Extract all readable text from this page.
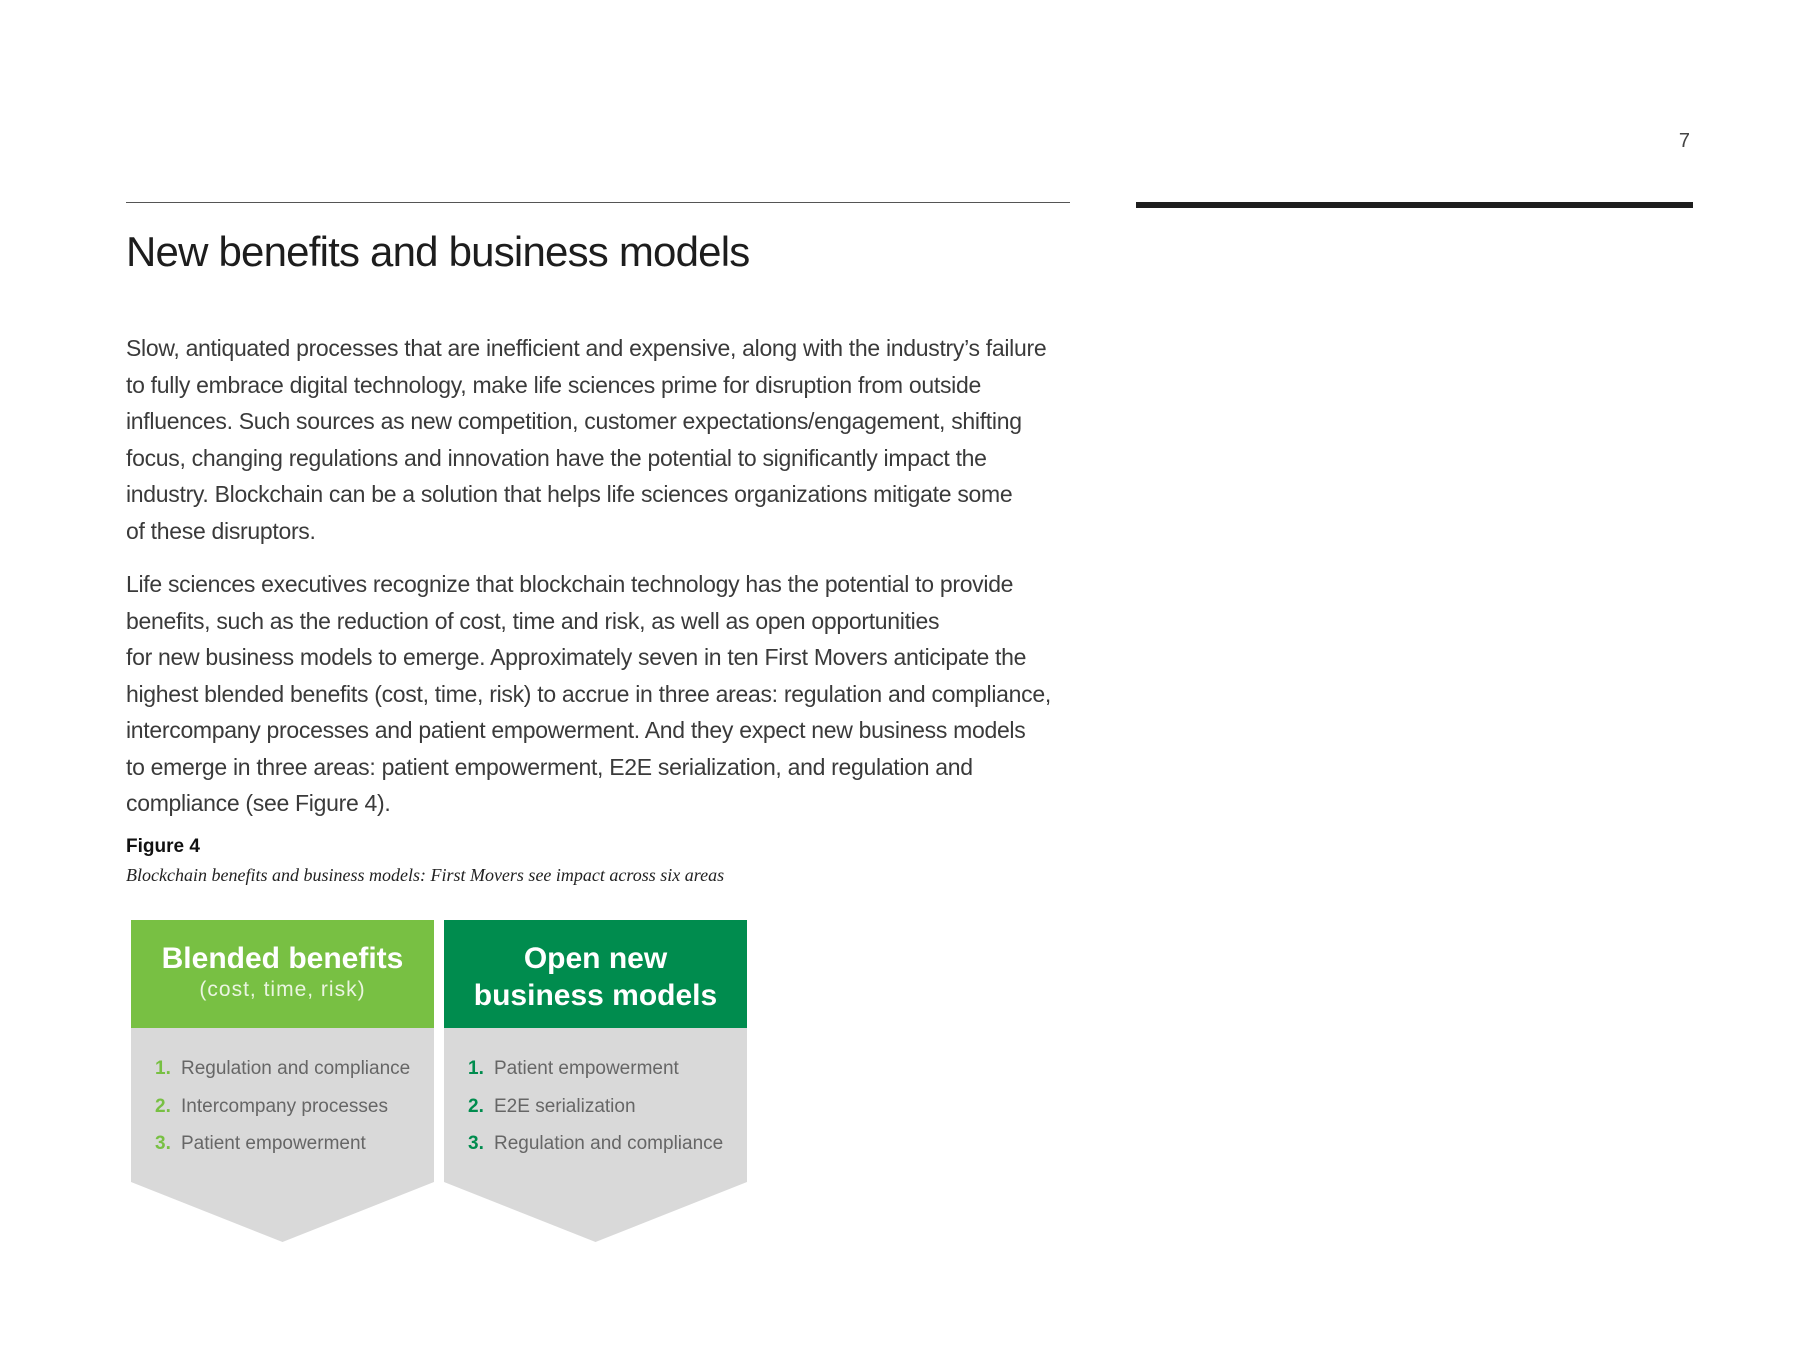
7
New benefits and business models

Slow, antiquated processes that are inefficient and expensive, along with the industry’s failure
to fully embrace digital technology, make life sciences prime for disruption from outside
influences. Such sources as new competition, customer expectations/engagement, shifting
focus, changing regulations and innovation have the potential to significantly impact the
industry. Blockchain can be a solution that helps life sciences organizations mitigate some
of these disruptors.

Life sciences executives recognize that blockchain technology has the potential to provide
benefits, such as the reduction of cost, time and risk, as well as open opportunities
for new business models to emerge. Approximately seven in ten First Movers anticipate the
highest blended benefits (cost, time, risk) to accrue in three areas: regulation and compliance,
intercompany processes and patient empowerment. And they expect new business models
to emerge in three areas: patient empowerment, E2E serialization, and regulation and
compliance (see Figure 4).

Figure 4
Blockchain benefits and business models: First Movers see impact across six areas
Blended benefits
(cost, time, risk)
1. Regulation and compliance
2. Intercompany processes
3. Patient empowerment
Open new
business models
1. Patient empowerment
2. E2E serialization
3. Regulation and compliance
